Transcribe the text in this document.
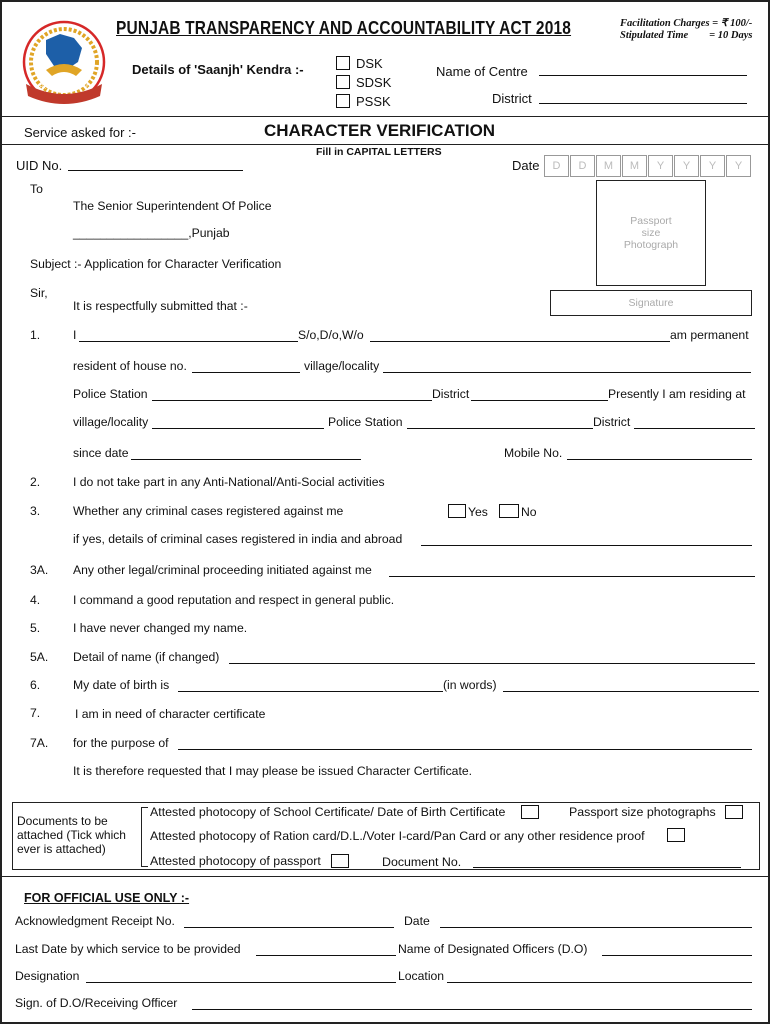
ਸੇਵਾ · ਸਾਂਝ · ਸੁਰੱਖਿਆ
PUNJAB TRANSPARENCY AND ACCOUNTABILITY ACT 2018	Facilitation Charges = ₹ 100/-
Stipulated Time        = 10 Days
Details of 'Saanjh' Kendra :-	DSK
SDSK
PSSK
Name of Centre
District
Service asked for :-	CHARACTER VERIFICATION
Fill in CAPITAL LETTERS
UID No.	Date	D	D	M	M	Y	Y	Y	Y
Passport
size
Photograph
Signature
To
The Senior Superintendent Of Police
_________________,Punjab
Subject :- Application for Character Verification
Sir,
It is respectfully submitted that :-
1.	I	S/o,D/o,W/o	am permanent
resident of house no.	village/locality
Police Station	District	Presently I am residing at
village/locality	Police Station	District
since date	Mobile No.
2.	I do not take part in any Anti-National/Anti-Social activities
3.	Whether any criminal cases registered against me	Yes	No
if yes, details of criminal cases registered in india and abroad
3A. Any other legal/criminal proceeding initiated against me
4.	I command a good reputation and respect in general public.
5.	I have never changed my name.
5A. Detail of name (if changed)
6.	My date of birth is	(in words)
7.	I am in need of character certificate
7A. for the purpose of
It is therefore requested that I may please be issued Character Certificate.
Documents to be attached (Tick which ever is attached)
Attested photocopy of School Certificate/ Date of Birth Certificate	Passport size photographs
Attested photocopy of Ration card/D.L./Voter I-card/Pan Card or any other residence proof
Attested photocopy of passport	Document No.
FOR OFFICIAL USE ONLY :-
Acknowledgment Receipt No.	Date
Last Date by which service to be provided	Name of Designated Officers (D.O)
Designation	Location
Sign. of D.O/Receiving Officer
